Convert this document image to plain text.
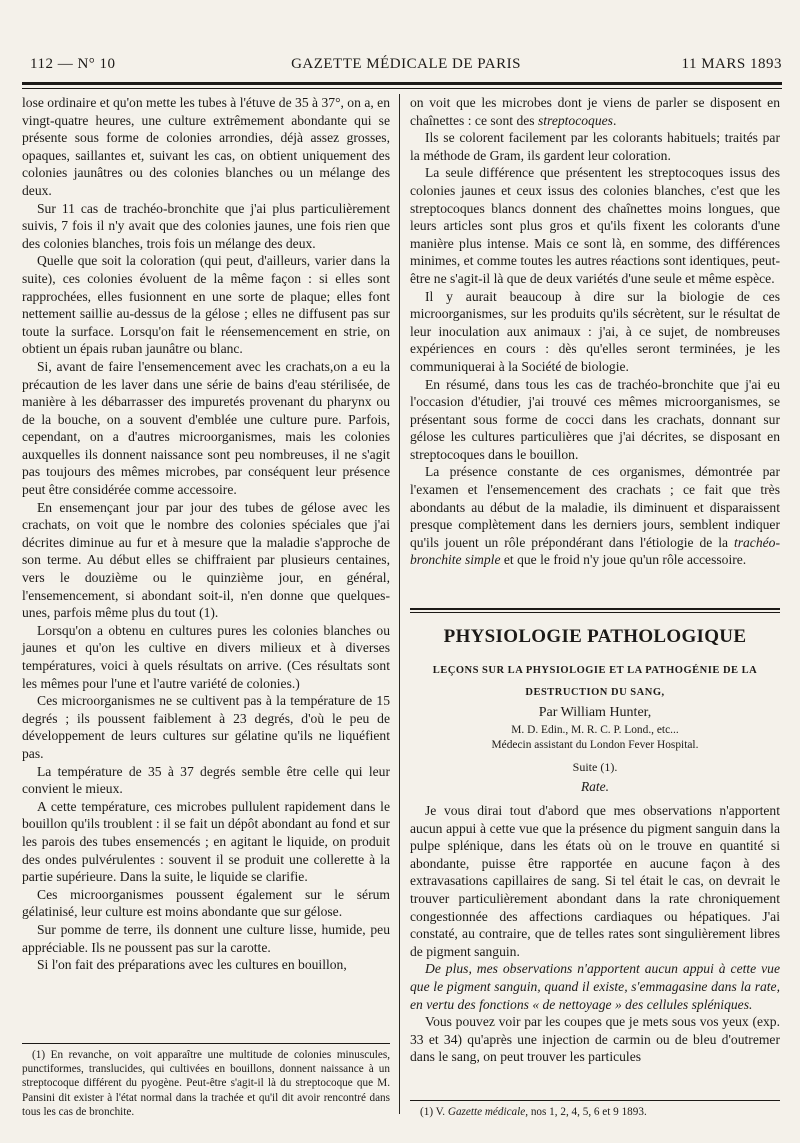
112 — N° 10	GAZETTE MÉDICALE DE PARIS	11 MARS 1893

lose ordinaire et qu'on mette les tubes à l'étuve de 35 à 37°, on a, en vingt-quatre heures, une culture extrêmement abondante qui se présente sous forme de colonies arrondies, déjà assez grosses, opaques, saillantes et, suivant les cas, on obtient uniquement des colonies jaunâtres ou des colonies blanches ou un mélange des deux.

Sur 11 cas de trachéo-bronchite que j'ai plus particulièrement suivis, 7 fois il n'y avait que des colonies jaunes, une fois rien que des colonies blanches, trois fois un mélange des deux.

Quelle que soit la coloration (qui peut, d'ailleurs, varier dans la suite), ces colonies évoluent de la même façon : si elles sont rapprochées, elles fusionnent en une sorte de plaque; elles font nettement saillie au-dessus de la gélose ; elles ne diffusent pas sur toute la surface. Lorsqu'on fait le réensemencement en strie, on obtient un épais ruban jaunâtre ou blanc.

Si, avant de faire l'ensemencement avec les crachats,on a eu la précaution de les laver dans une série de bains d'eau stérilisée, de manière à les débarrasser des impuretés provenant du pharynx ou de la bouche, on a souvent d'emblée une culture pure. Parfois, cependant, on a d'autres microorganismes, mais les colonies auxquelles ils donnent naissance sont peu nombreuses, il ne s'agit pas toujours des mêmes microbes, par conséquent leur présence peut être considérée comme accessoire.

En ensemençant jour par jour des tubes de gélose avec les crachats, on voit que le nombre des colonies spéciales que j'ai décrites diminue au fur et à mesure que la maladie s'approche de son terme. Au début elles se chiffraient par plusieurs centaines, vers le douzième ou le quinzième jour, en général, l'ensemencement, si abondant soit-il, n'en donne que quelques-unes, parfois même plus du tout (1).

Lorsqu'on a obtenu en cultures pures les colonies blanches ou jaunes et qu'on les cultive en divers milieux et à diverses températures, voici à quels résultats on arrive. (Ces résultats sont les mêmes pour l'une et l'autre variété de colonies.)

Ces microorganismes ne se cultivent pas à la température de 15 degrés ; ils poussent faiblement à 23 degrés, d'où le peu de développement de leurs cultures sur gélatine qu'ils ne liquéfient pas.

La température de 35 à 37 degrés semble être celle qui leur convient le mieux.

A cette température, ces microbes pullulent rapidement dans le bouillon qu'ils troublent : il se fait un dépôt abondant au fond et sur les parois des tubes ensemencés ; en agitant le liquide, on produit des ondes pulvérulentes : souvent il se produit une collerette à la partie supérieure. Dans la suite, le liquide se clarifie.

Ces microorganismes poussent également sur le sérum gélatinisé, leur culture est moins abondante que sur gélose.

Sur pomme de terre, ils donnent une culture lisse, humide, peu appréciable. Ils ne poussent pas sur la carotte.

Si l'on fait des préparations avec les cultures en bouillon,

(1) En revanche, on voit apparaître une multitude de colonies minuscules, punctiformes, translucides, qui cultivées en bouillons, donnent naissance à un streptocoque différent du pyogène. Peut-être s'agit-il là du streptocoque que M. Pansini dit exister à l'état normal dans la trachée et qu'il dit avoir rencontré dans tous les cas de bronchite.

on voit que les microbes dont je viens de parler se disposent en chaînettes : ce sont des streptocoques.

Ils se colorent facilement par les colorants habituels; traités par la méthode de Gram, ils gardent leur coloration.

La seule différence que présentent les streptocoques issus des colonies jaunes et ceux issus des colonies blanches, c'est que les streptocoques blancs donnent des chaînettes moins longues, que leurs articles sont plus gros et qu'ils fixent les colorants d'une manière plus intense. Mais ce sont là, en somme, des différences minimes, et comme toutes les autres réactions sont identiques, peut-être ne s'agit-il là que de deux variétés d'une seule et même espèce.

Il y aurait beaucoup à dire sur la biologie de ces microorganismes, sur les produits qu'ils sécrètent, sur le résultat de leur inoculation aux animaux : j'ai, à ce sujet, de nombreuses expériences en cours : dès qu'elles seront terminées, je les communiquerai à la Société de biologie.

En résumé, dans tous les cas de trachéo-bronchite que j'ai eu l'occasion d'étudier, j'ai trouvé ces mêmes microorganismes, se présentant sous forme de cocci dans les crachats, donnant sur gélose les cultures particulières que j'ai décrites, se disposant en streptocoques dans le bouillon.

La présence constante de ces organismes, démontrée par l'examen et l'ensemencement des crachats ; ce fait que très abondants au début de la maladie, ils diminuent et disparaissent presque complètement dans les derniers jours, semblent indiquer qu'ils jouent un rôle prépondérant dans l'étiologie de la trachéo-bronchite simple et que le froid n'y joue qu'un rôle accessoire.

PHYSIOLOGIE PATHOLOGIQUE
LEÇONS SUR LA PHYSIOLOGIE ET LA PATHOGÉNIE DE LA
DESTRUCTION DU SANG,
Par William Hunter,
M. D. Edin., M. R. C. P. Lond., etc...
Médecin assistant du London Fever Hospital.
Suite (1).
Rate.

Je vous dirai tout d'abord que mes observations n'apportent aucun appui à cette vue que la présence du pigment sanguin dans la pulpe splénique, dans les états où on le trouve en quantité si abondante, puisse être rapportée en aucune façon à des extravasations capillaires de sang. Si tel était le cas, on devrait le trouver particulièrement abondant dans la rate chroniquement congestionnée des affections cardiaques ou hépatiques. J'ai constaté, au contraire, que de telles rates sont singulièrement libres de pigment sanguin.

De plus, mes observations n'apportent aucun appui à cette vue que le pigment sanguin, quand il existe, s'emmagasine dans la rate, en vertu des fonctions « de nettoyage » des cellules spléniques.

Vous pouvez voir par les coupes que je mets sous vos yeux (exp. 33 et 34) qu'après une injection de carmin ou de bleu d'outremer dans le sang, on peut trouver les particules

(1) V. Gazette médicale, nos 1, 2, 4, 5, 6 et 9 1893.
